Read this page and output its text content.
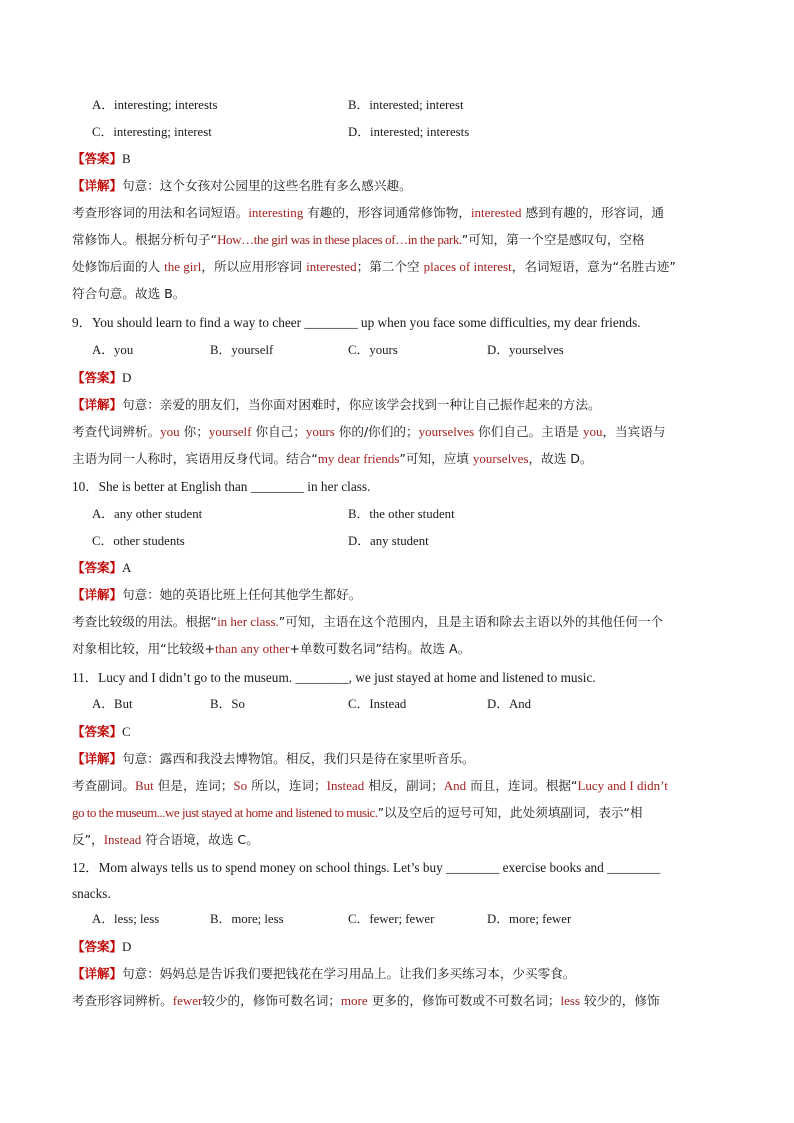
A．interesting; interests	B．interested; interest
C．interesting; interest	D．interested; interests
【答案】B
【详解】句意：这个女孩对公园里的这些名胜有多么感兴趣。
考查形容词的用法和名词短语。interesting 有趣的，形容词通常修饰物，interested 感到有趣的，形容词，通
常修饰人。根据分析句子“How…the girl was in these places of…in the park.”可知，第一个空是感叹句，空格
处修饰后面的人 the girl，所以应用形容词 interested；第二个空 places of interest，名词短语，意为“名胜古迹”
符合句意。故选 B。
9．You should learn to find a way to cheer ________ up when you face some difficulties, my dear friends.
A．you	B．yourself	C．yours	D．yourselves
【答案】D
【详解】句意：亲爱的朋友们，当你面对困难时，你应该学会找到一种让自己振作起来的方法。
考查代词辨析。you 你；yourself 你自己；yours 你的/你们的；yourselves 你们自己。主语是 you，当宾语与
主语为同一人称时，宾语用反身代词。结合“my dear friends”可知，应填 yourselves，故选 D。
10．She is better at English than ________ in her class.
A．any other student	B．the other student
C．other students	D．any student
【答案】A
【详解】句意：她的英语比班上任何其他学生都好。
考查比较级的用法。根据“in her class.”可知，主语在这个范围内，且是主语和除去主语以外的其他任何一个
对象相比较，用“比较级+than any other+单数可数名词”结构。故选 A。
11．Lucy and I didn’t go to the museum. ________, we just stayed at home and listened to music.
A．But	B．So	C．Instead	D．And
【答案】C
【详解】句意：露西和我没去博物馆。相反，我们只是待在家里听音乐。
考查副词。But 但是，连词；So 所以，连词；Instead 相反，副词；And 而且，连词。根据“Lucy and I didn’t
go to the museum...we just stayed at home and listened to music.”以及空后的逗号可知，此处须填副词，表示“相
反”，Instead 符合语境，故选 C。
12．Mom always tells us to spend money on school things. Let’s buy ________ exercise books and ________
snacks.
A．less; less	B．more; less	C．fewer; fewer	D．more; fewer
【答案】D
【详解】句意：妈妈总是告诉我们要把钱花在学习用品上。让我们多买练习本，少买零食。
考查形容词辨析。fewer较少的，修饰可数名词；more 更多的，修饰可数或不可数名词；less 较少的，修饰
